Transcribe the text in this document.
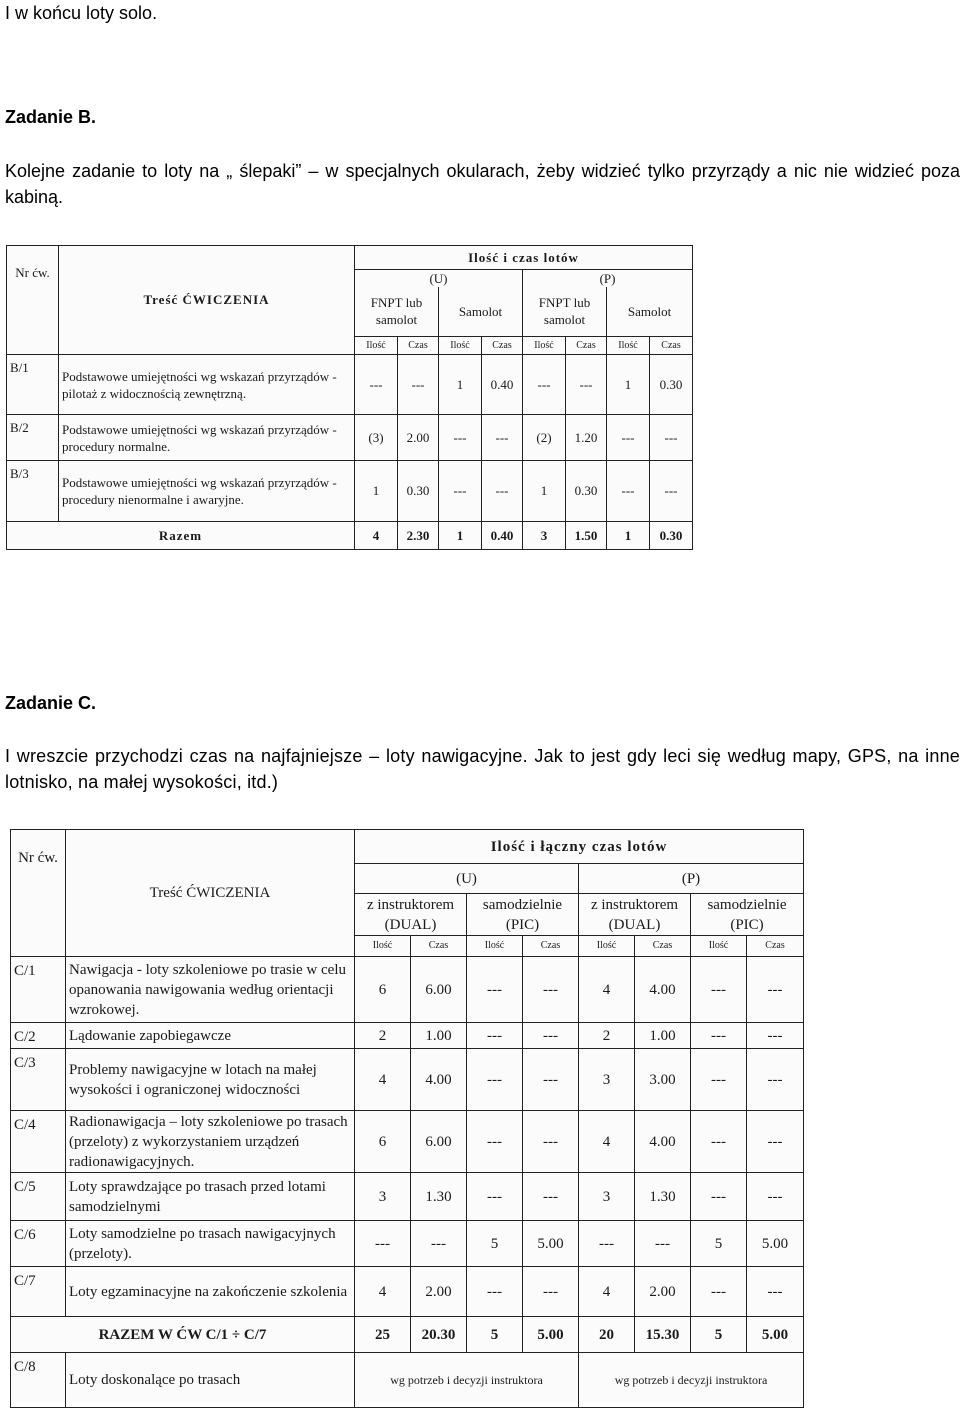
I w końcu loty solo.

Zadanie B.

Kolejne zadanie to loty na „ ślepaki” – w specjalnych okularach, żeby widzieć tylko przyrządy a nic nie widzieć poza kabiną.

Nr ćw.	Treść ĆWICZENIA	Ilość i czas lotów							
		(U)				(P)			
		FNPT lub samolot		Samolot		FNPT lub samolot		Samolot	
		Ilość	Czas	Ilość	Czas	Ilość	Czas	Ilość	Czas
B/1	Podstawowe umiejętności wg wskazań przyrządów - pilotaż z widocznością zewnętrzną.	---	---	1	0.40	---	---	1	0.30
B/2	Podstawowe umiejętności wg wskazań przyrządów - procedury normalne.	(3)	2.00	---	---	(2)	1.20	---	---
B/3	Podstawowe umiejętności wg wskazań przyrządów - procedury nienormalne i awaryjne.	1	0.30	---	---	1	0.30	---	---
Razem		4	2.30	1	0.40	3	1.50	1	0.30

Zadanie C.

I wreszcie przychodzi czas na najfajniejsze – loty nawigacyjne. Jak to jest gdy leci się według mapy, GPS, na inne lotnisko, na małej wysokości, itd.)

Nr ćw.	Treść ĆWICZENIA	Ilość i łączny czas lotów							
		(U)				(P)			
		z instruktorem (DUAL)		samodzielnie (PIC)		z instruktorem (DUAL)		samodzielnie (PIC)	
		Ilość	Czas	Ilość	Czas	Ilość	Czas	Ilość	Czas
C/1	Nawigacja - loty szkoleniowe po trasie w celu opanowania nawigowania według orientacji wzrokowej.	6	6.00	---	---	4	4.00	---	---
C/2	Lądowanie zapobiegawcze	2	1.00	---	---	2	1.00	---	---
C/3	Problemy nawigacyjne w lotach na małej wysokości i ograniczonej widoczności	4	4.00	---	---	3	3.00	---	---
C/4	Radionawigacja – loty szkoleniowe po trasach (przeloty) z wykorzystaniem urządzeń radionawigacyjnych.	6	6.00	---	---	4	4.00	---	---
C/5	Loty sprawdzające po trasach przed lotami samodzielnymi	3	1.30	---	---	3	1.30	---	---
C/6	Loty samodzielne po trasach nawigacyjnych (przeloty).	---	---	5	5.00	---	---	5	5.00
C/7	Loty egzaminacyjne na zakończenie szkolenia	4	2.00	---	---	4	2.00	---	---
RAZEM W ĆW C/1 ÷ C/7		25	20.30	5	5.00	20	15.30	5	5.00
C/8	Loty doskonalące po trasach	wg potrzeb i decyzji instruktora				wg potrzeb i decyzji instruktora			
